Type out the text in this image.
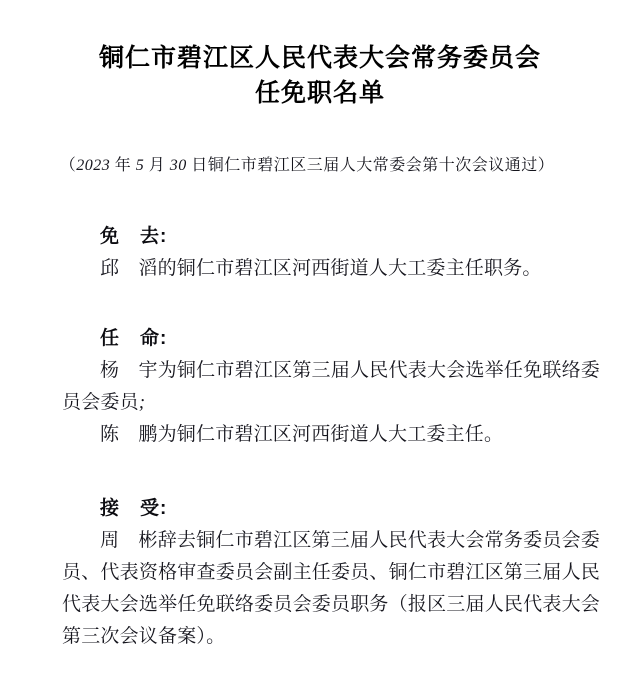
铜仁市碧江区人民代表大会常务委员会
任免职名单
（2023 年 5 月 30 日铜仁市碧江区三届人大常委会第十次会议通过）
免　去:

邱　滔的铜仁市碧江区河西街道人大工委主任职务。

任　命:

杨　宇为铜仁市碧江区第三届人民代表大会选举任免联络委员会委员;

陈　鹏为铜仁市碧江区河西街道人大工委主任。

接　受:

周　彬辞去铜仁市碧江区第三届人民代表大会常务委员会委员、代表资格审查委员会副主任委员、铜仁市碧江区第三届人民代表大会选举任免联络委员会委员职务（报区三届人民代表大会第三次会议备案）。
